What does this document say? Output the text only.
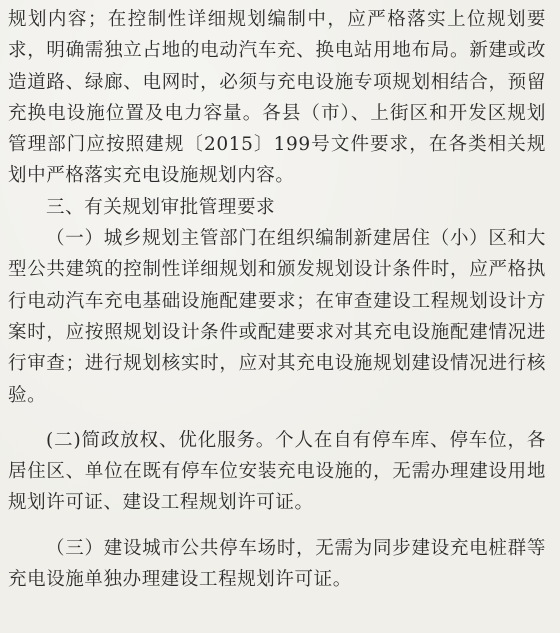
规划内容；在控制性详细规划编制中，应严格落实上位规划要求，明确需独立占地的电动汽车充、换电站用地布局。新建或改造道路、绿廊、电网时，必须与充电设施专项规划相结合，预留充换电设施位置及电力容量。各县（市）、上街区和开发区规划管理部门应按照建规〔2015〕199号文件要求，在各类相关规划中严格落实充电设施规划内容。

三、有关规划审批管理要求

（一）城乡规划主管部门在组织编制新建居住（小）区和大型公共建筑的控制性详细规划和颁发规划设计条件时，应严格执行电动汽车充电基础设施配建要求；在审查建设工程规划设计方案时，应按照规划设计条件或配建要求对其充电设施配建情况进行审查；进行规划核实时，应对其充电设施规划建设情况进行核验。

(二)简政放权、优化服务。个人在自有停车库、停车位，各居住区、单位在既有停车位安装充电设施的，无需办理建设用地规划许可证、建设工程规划许可证。

（三）建设城市公共停车场时，无需为同步建设充电桩群等充电设施单独办理建设工程规划许可证。
